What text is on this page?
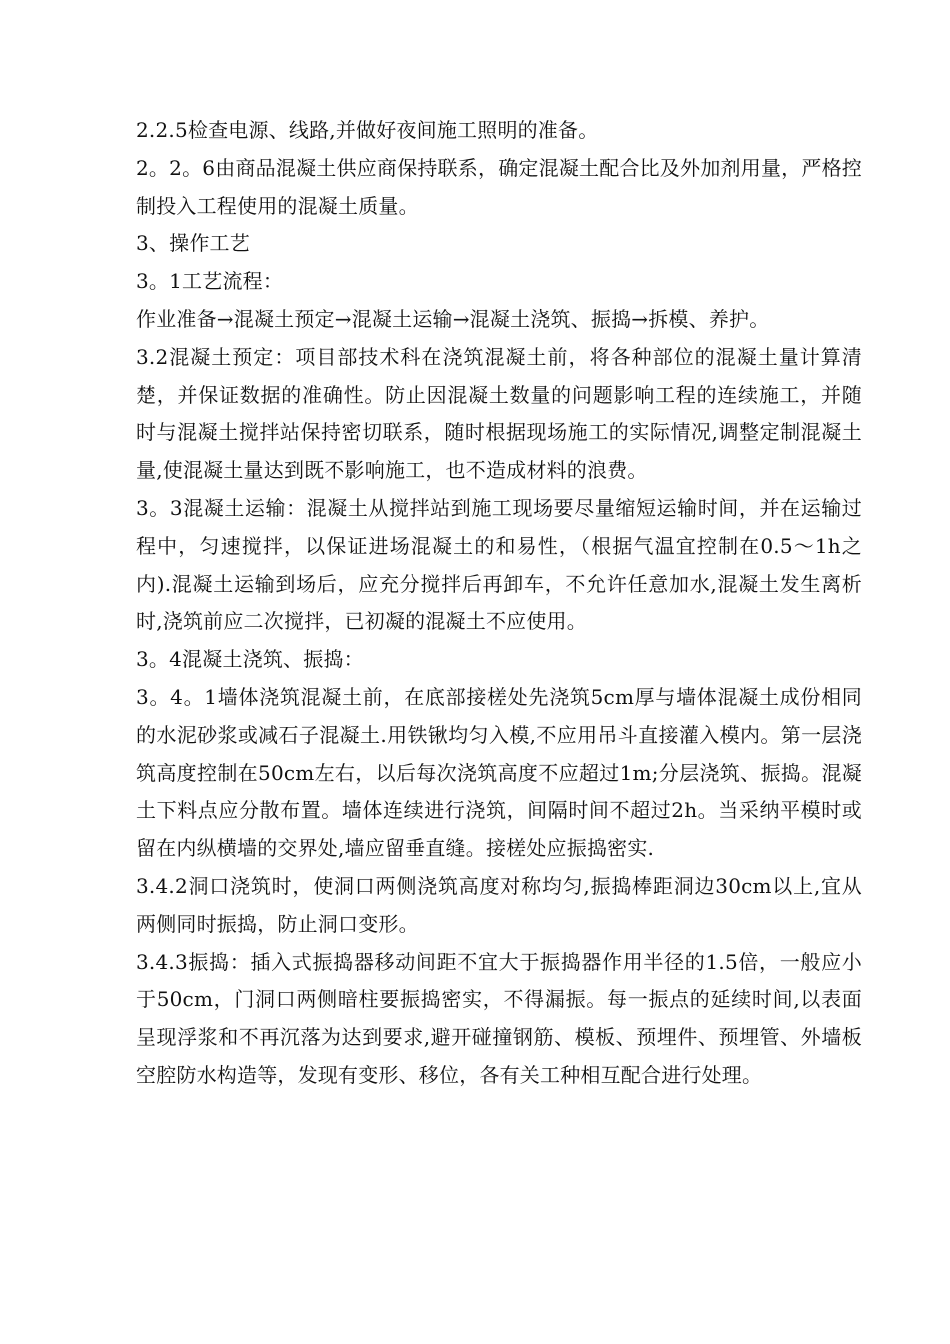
2.2.5检查电源、线路,并做好夜间施工照明的准备。

2。2。6由商品混凝土供应商保持联系，确定混凝土配合比及外加剂用量，严格控制投入工程使用的混凝土质量。

3、操作工艺

3。1工艺流程：

作业准备→混凝土预定→混凝土运输→混凝土浇筑、振捣→拆模、养护。

3.2混凝土预定：项目部技术科在浇筑混凝土前，将各种部位的混凝土量计算清楚，并保证数据的准确性。防止因混凝土数量的问题影响工程的连续施工，并随时与混凝土搅拌站保持密切联系，随时根据现场施工的实际情况,调整定制混凝土量,使混凝土量达到既不影响施工，也不造成材料的浪费。

3。3混凝土运输：混凝土从搅拌站到施工现场要尽量缩短运输时间，并在运输过程中，匀速搅拌，以保证进场混凝土的和易性，（根据气温宜控制在0.5～1h之内).混凝土运输到场后，应充分搅拌后再卸车，不允许任意加水,混凝土发生离析时,浇筑前应二次搅拌，已初凝的混凝土不应使用。

3。4混凝土浇筑、振捣：

3。4。1墙体浇筑混凝土前，在底部接槎处先浇筑5cm厚与墙体混凝土成份相同的水泥砂浆或减石子混凝土.用铁锹均匀入模,不应用吊斗直接灌入模内。第一层浇筑高度控制在50cm左右，以后每次浇筑高度不应超过1m;分层浇筑、振捣。混凝土下料点应分散布置。墙体连续进行浇筑，间隔时间不超过2h。当采纳平模时或留在内纵横墙的交界处,墙应留垂直缝。接槎处应振捣密实.

3.4.2洞口浇筑时，使洞口两侧浇筑高度对称均匀,振捣棒距洞边30cm以上,宜从两侧同时振捣，防止洞口变形。

3.4.3振捣：插入式振捣器移动间距不宜大于振捣器作用半径的1.5倍，一般应小于50cm，门洞口两侧暗柱要振捣密实，不得漏振。每一振点的延续时间,以表面呈现浮浆和不再沉落为达到要求,避开碰撞钢筋、模板、预埋件、预埋管、外墙板空腔防水构造等，发现有变形、移位，各有关工种相互配合进行处理。
